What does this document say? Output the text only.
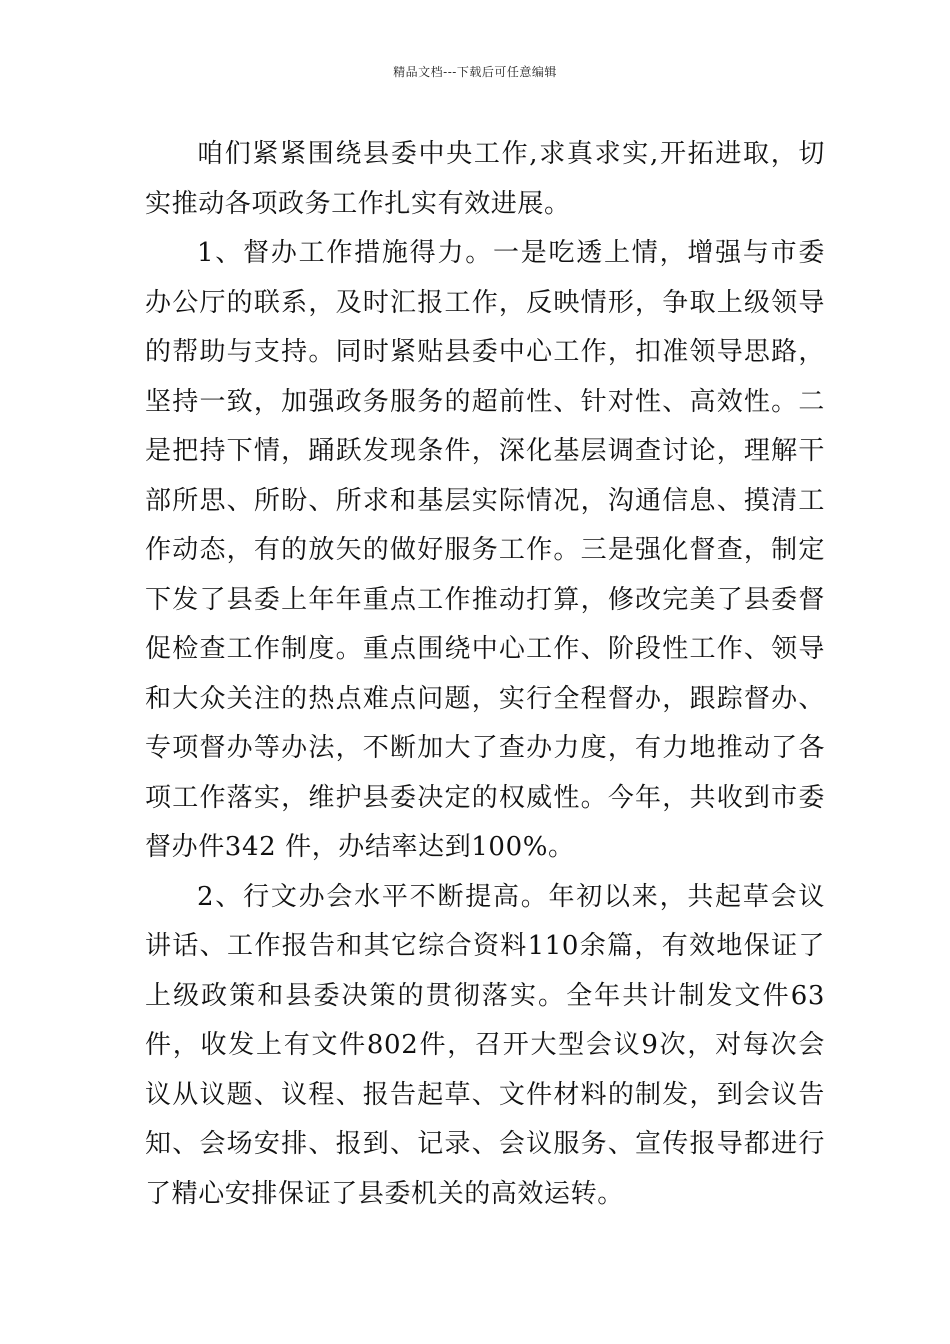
精品文档---下载后可任意编辑

咱们紧紧围绕县委中央工作,求真求实,开拓进取，切实推动各项政务工作扎实有效进展。

1、督办工作措施得力。一是吃透上情，增强与市委办公厅的联系，及时汇报工作，反映情形，争取上级领导的帮助与支持。同时紧贴县委中心工作，扣准领导思路，坚持一致，加强政务服务的超前性、针对性、高效性。二是把持下情，踊跃发现条件，深化基层调查讨论，理解干部所思、所盼、所求和基层实际情况，沟通信息、摸清工作动态，有的放矢的做好服务工作。三是强化督查，制定下发了县委上年年重点工作推动打算，修改完美了县委督促检查工作制度。重点围绕中心工作、阶段性工作、领导和大众关注的热点难点问题，实行全程督办，跟踪督办、专项督办等办法，不断加大了查办力度，有力地推动了各项工作落实，维护县委决定的权威性。今年，共收到市委督办件342 件，办结率达到100%。

2、行文办会水平不断提高。年初以来，共起草会议讲话、工作报告和其它综合资料110余篇，有效地保证了上级政策和县委决策的贯彻落实。全年共计制发文件63件，收发上有文件802件，召开大型会议9次，对每次会议从议题、议程、报告起草、文件材料的制发，到会议告知、会场安排、报到、记录、会议服务、宣传报导都进行了精心安排保证了县委机关的高效运转。
